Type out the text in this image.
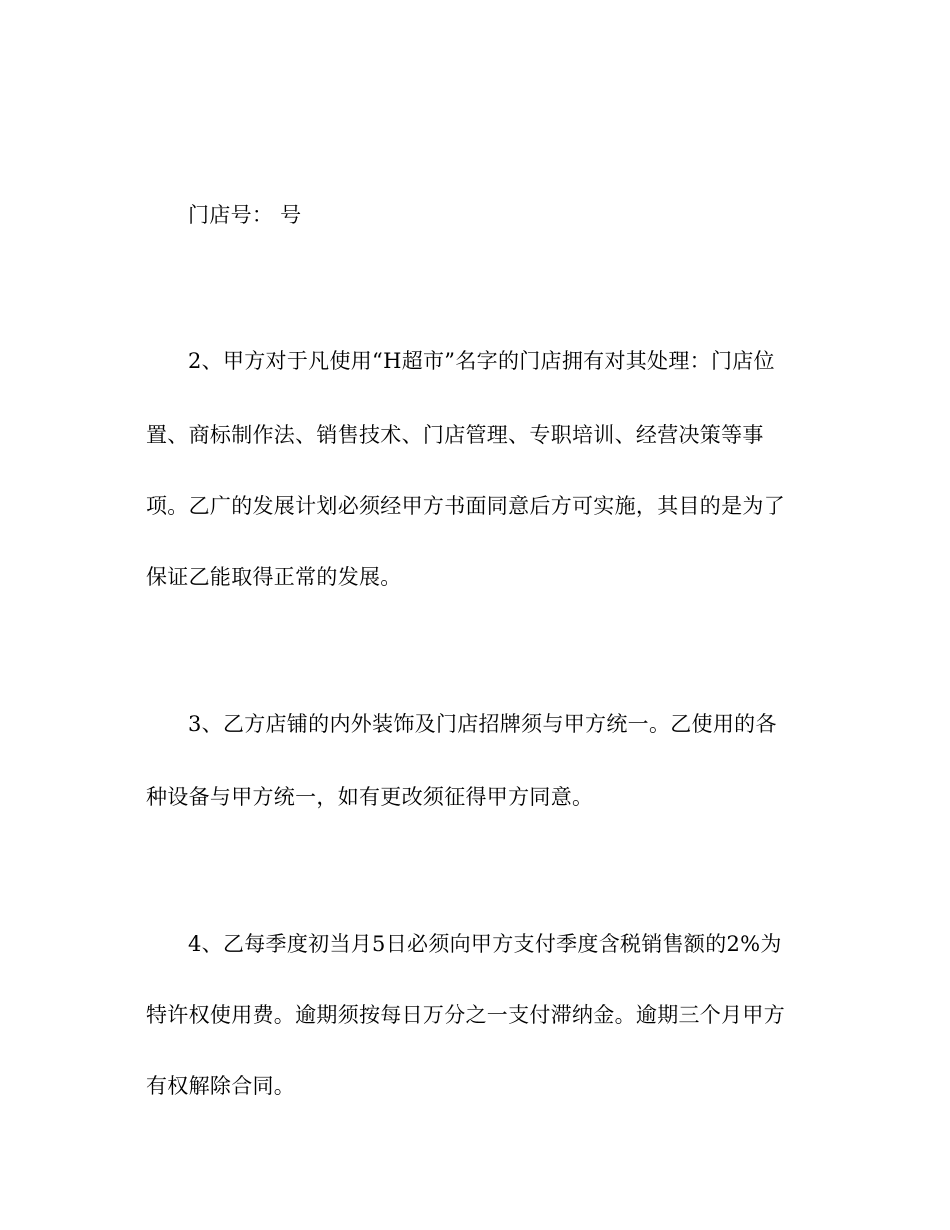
门店号： 号
2、甲方对于凡使用“H超市”名字的门店拥有对其处理：门店位
置、商标制作法、销售技术、门店管理、专职培训、经营决策等事
项。乙广的发展计划必须经甲方书面同意后方可实施，其目的是为了
保证乙能取得正常的发展。
3、乙方店铺的内外装饰及门店招牌须与甲方统一。乙使用的各
种设备与甲方统一，如有更改须征得甲方同意。
4、乙每季度初当月5日必须向甲方支付季度含税销售额的2%为
特许权使用费。逾期须按每日万分之一支付滞纳金。逾期三个月甲方
有权解除合同。
